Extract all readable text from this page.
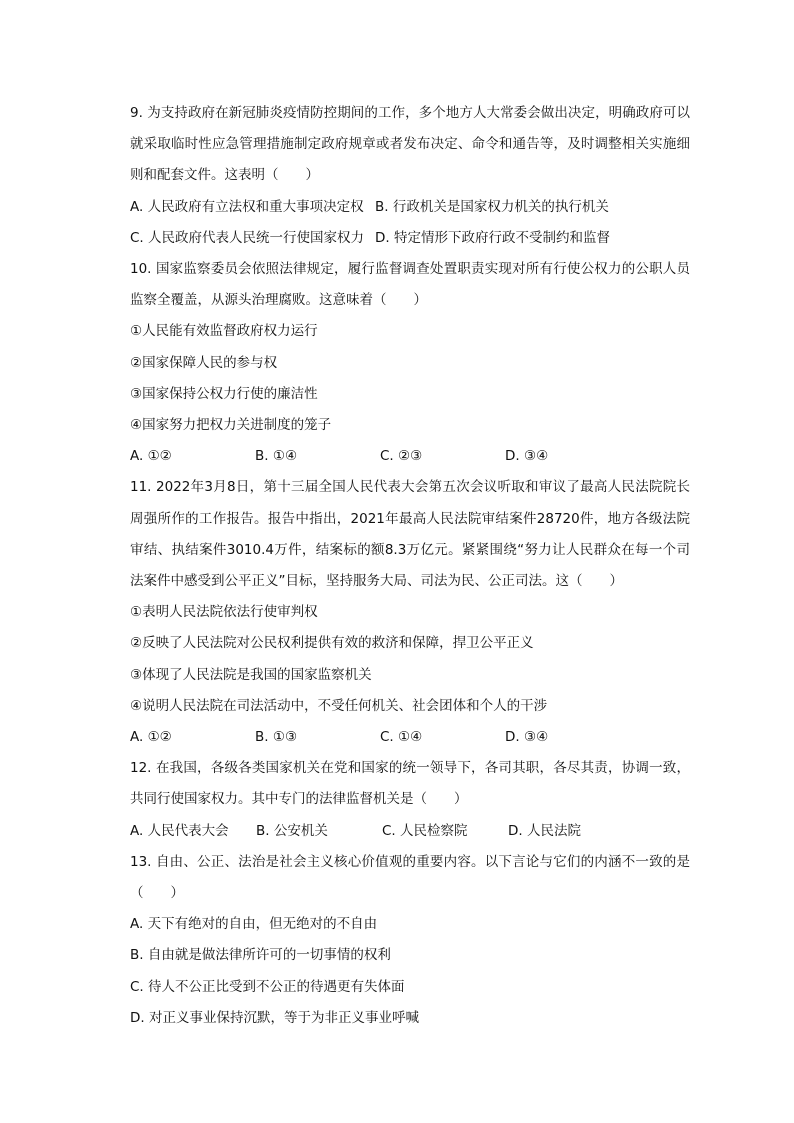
9. 为支持政府在新冠肺炎疫情防控期间的工作，多个地方人大常委会做出决定，明确政府可以就采取临时性应急管理措施制定政府规章或者发布决定、命令和通告等，及时调整相关实施细则和配套文件。这表明（　　）

A. 人民政府有立法权和重大事项决定权 B. 行政机关是国家权力机关的执行机关
C. 人民政府代表人民统一行使国家权力 D. 特定情形下政府行政不受制约和监督

10. 国家监察委员会依照法律规定，履行监督调查处置职责实现对所有行使公权力的公职人员监察全覆盖，从源头治理腐败。这意味着（　　）

①人民能有效监督政府权力运行

②国家保障人民的参与权

③国家保持公权力行使的廉洁性

④国家努力把权力关进制度的笼子

A. ①②	B. ①④	C. ②③	D. ③④

11. 2022年3月8日，第十三届全国人民代表大会第五次会议听取和审议了最高人民法院院长周强所作的工作报告。报告中指出，2021年最高人民法院审结案件28720件，地方各级法院审结、执结案件3010.4万件，结案标的额8.3万亿元。紧紧围绕“努力让人民群众在每一个司法案件中感受到公平正义”目标，坚持服务大局、司法为民、公正司法。这（　　）

①表明人民法院依法行使审判权

②反映了人民法院对公民权利提供有效的救济和保障，捍卫公平正义

③体现了人民法院是我国的国家监察机关

④说明人民法院在司法活动中，不受任何机关、社会团体和个人的干涉

A. ①②	B. ①③	C. ①④	D. ③④

12. 在我国，各级各类国家机关在党和国家的统一领导下，各司其职，各尽其责，协调一致，共同行使国家权力。其中专门的法律监督机关是（　　）

A. 人民代表大会	B. 公安机关	C. 人民检察院	D. 人民法院

13. 自由、公正、法治是社会主义核心价值观的重要内容。以下言论与它们的内涵不一致的是（　　）

A. 天下有绝对的自由，但无绝对的不自由

B. 自由就是做法律所许可的一切事情的权利

C. 待人不公正比受到不公正的待遇更有失体面

D. 对正义事业保持沉默，等于为非正义事业呼喊
